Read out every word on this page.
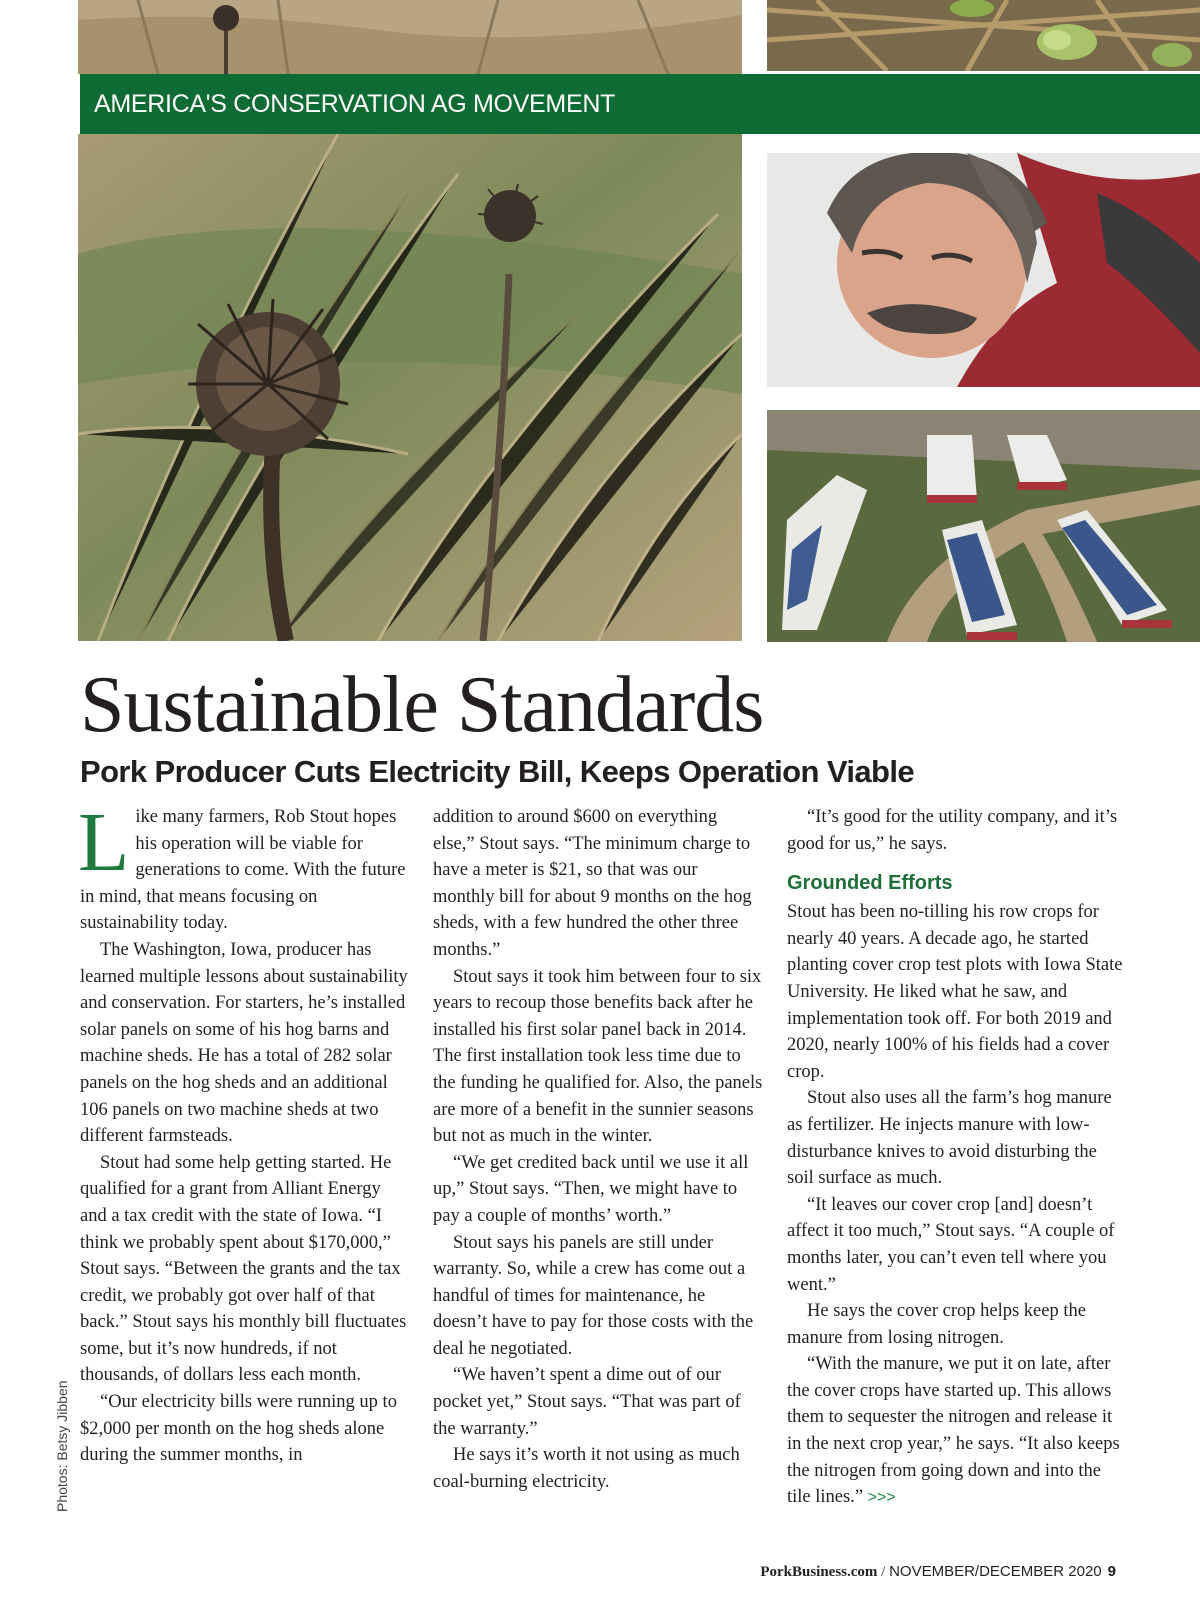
AMERICA'S CONSERVATION AG MOVEMENT
Sustainable Standards
Pork Producer Cuts Electricity Bill, Keeps Operation Viable

Like many farmers, Rob Stout hopes his operation will be viable for generations to come. With the future in mind, that means focusing on sustainability today.

The Washington, Iowa, producer has learned multiple lessons about sustainability and conservation. For starters, he’s installed solar panels on some of his hog barns and machine sheds. He has a total of 282 solar panels on the hog sheds and an additional 106 panels on two machine sheds at two different farmsteads.

Stout had some help getting started. He qualified for a grant from Alliant Energy and a tax credit with the state of Iowa. “I think we probably spent about $170,000,” Stout says. “Between the grants and the tax credit, we probably got over half of that back.” Stout says his monthly bill fluctuates some, but it’s now hundreds, if not thousands, of dollars less each month.

“Our electricity bills were running up to $2,000 per month on the hog sheds alone during the summer months, in

addition to around $600 on everything else,” Stout says. “The minimum charge to have a meter is $21, so that was our monthly bill for about 9 months on the hog sheds, with a few hundred the other three months.”

Stout says it took him between four to six years to recoup those benefits back after he installed his first solar panel back in 2014. The first installation took less time due to the funding he qualified for. Also, the panels are more of a benefit in the sunnier seasons but not as much in the winter.

“We get credited back until we use it all up,” Stout says. “Then, we might have to pay a couple of months’ worth.”

Stout says his panels are still under warranty. So, while a crew has come out a handful of times for maintenance, he doesn’t have to pay for those costs with the deal he negotiated.

“We haven’t spent a dime out of our pocket yet,” Stout says. “That was part of the warranty.”

He says it’s worth it not using as much coal-burning electricity.

“It’s good for the utility company, and it’s good for us,” he says.

Grounded Efforts

Stout has been no-tilling his row crops for nearly 40 years. A decade ago, he started planting cover crop test plots with Iowa State University. He liked what he saw, and implementation took off. For both 2019 and 2020, nearly 100% of his fields had a cover crop.

Stout also uses all the farm’s hog manure as fertilizer. He injects manure with low-disturbance knives to avoid disturbing the soil surface as much.

“It leaves our cover crop [and] doesn’t affect it too much,” Stout says. “A couple of months later, you can’t even tell where you went.”

He says the cover crop helps keep the manure from losing nitrogen.

“With the manure, we put it on late, after the cover crops have started up. This allows them to sequester the nitrogen and release it in the next crop year,” he says. “It also keeps the nitrogen from going down and into the tile lines.” >>>

Photos: Betsy Jibben
PorkBusiness.com / NOVEMBER/DECEMBER 2020 9
